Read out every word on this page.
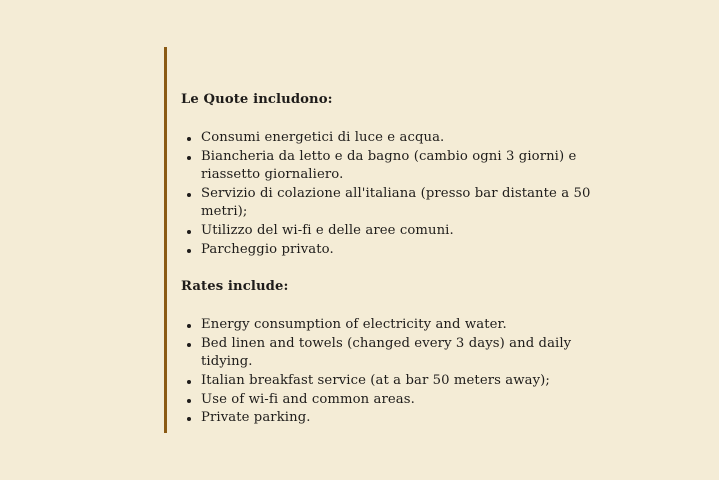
Le Quote includono:

Consumi energetici di luce e acqua.
Biancheria da letto e da bagno (cambio ogni 3 giorni) e riassetto giornaliero.
Servizio di colazione all'italiana (presso bar distante a 50 metri);
Utilizzo del wi-fi e delle aree comuni.
Parcheggio privato.

Rates include:

Energy consumption of electricity and water.
Bed linen and towels (changed every 3 days) and daily tidying.
Italian breakfast service (at a bar 50 meters away);
Use of wi-fi and common areas.
Private parking.
